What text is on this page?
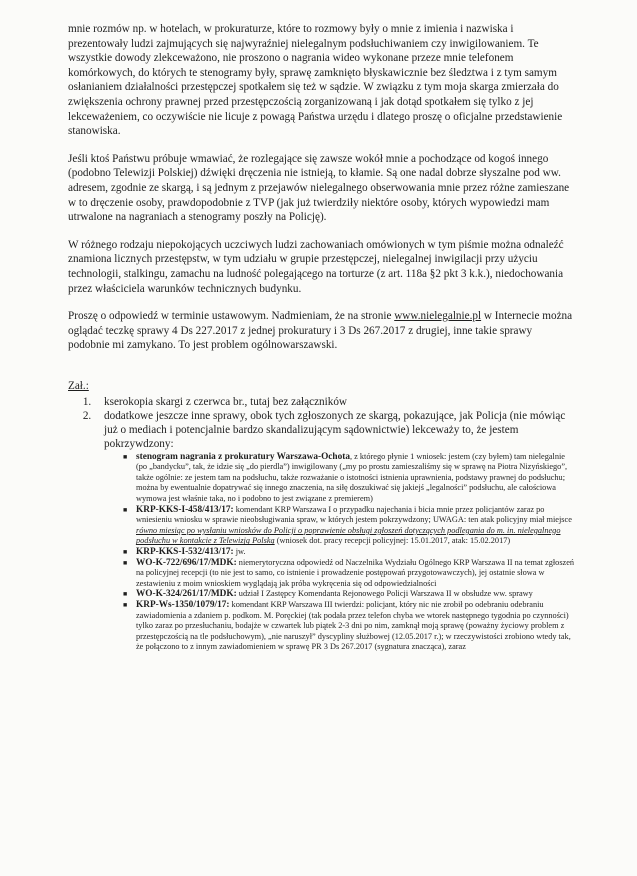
mnie rozmów np. w hotelach, w prokuraturze, które to rozmowy były o mnie z imienia i nazwiska i prezentowały ludzi zajmujących się najwyraźniej nielegalnym podsłuchiwaniem czy inwigilowaniem. Te wszystkie dowody zlekceważono, nie proszono o nagrania wideo wykonane przeze mnie telefonem komórkowych, do których te stenogramy były, sprawę zamknięto błyskawicznie bez śledztwa i z tym samym osłanianiem działalności przestępczej spotkałem się też w sądzie. W związku z tym moja skarga zmierzała do zwiększenia ochrony prawnej przed przestępczością zorganizowaną i jak dotąd spotkałem się tylko z jej lekceważeniem, co oczywiście nie licuje z powagą Państwa urzędu i dlatego proszę o oficjalne przedstawienie stanowiska.

Jeśli ktoś Państwu próbuje wmawiać, że rozlegające się zawsze wokół mnie a pochodzące od kogoś innego (podobno Telewizji Polskiej) dźwięki dręczenia nie istnieją, to kłamie. Są one nadal dobrze słyszalne pod ww. adresem, zgodnie ze skargą, i są jednym z przejawów nielegalnego obserwowania mnie przez różne zamieszane w to dręczenie osoby, prawdopodobnie z TVP (jak już twierdziły niektóre osoby, których wypowiedzi mam utrwalone na nagraniach a stenogramy poszły na Policję).

W różnego rodzaju niepokojących uczciwych ludzi zachowaniach omówionych w tym piśmie można odnaleźć znamiona licznych przestępstw, w tym udziału w grupie przestępczej, nielegalnej inwigilacji przy użyciu technologii, stalkingu, zamachu na ludność polegającego na torturze (z art. 118a §2 pkt 3 k.k.), niedochowania przez właściciela warunków technicznych budynku.

Proszę o odpowiedź w terminie ustawowym. Nadmieniam, że na stronie www.nielegalnie.pl w Internecie można oglądać teczkę sprawy 4 Ds 227.2017 z jednej prokuratury i 3 Ds 267.2017 z drugiej, inne takie sprawy podobnie mi zamykano. To jest problem ogólnowarszawski.

Zał.:
1. kserokopia skargi z czerwca br., tutaj bez załączników
2. dodatkowe jeszcze inne sprawy, obok tych zgłoszonych ze skargą, pokazujące, jak Policja (nie mówiąc już o mediach i potencjalnie bardzo skandalizującym sądownictwie) lekceważy to, że jestem pokrzywdzony:
■ stenogram nagrania z prokuratury Warszawa-Ochota, z którego płynie 1 wniosek: jestem (czy byłem) tam nielegalnie (po „bandycku”, tak, że idzie się „do pierdla”) inwigilowany („my po prostu zamieszaliśmy się w sprawę na Piotra Nizyńskiego”, także ogólnie: ze jestem tam na podsłuchu, także rozważanie o istotności istnienia uprawnienia, podstawy prawnej do podsłuchu; można by ewentualnie dopatrywać się innego znaczenia, na siłę doszukiwać się jakiejś „legalności” podsłuchu, ale całościowa wymowa jest właśnie taka, no i podobno to jest związane z premierem)
■ KRP-KKS-I-458/413/17: komendant KRP Warszawa I o przypadku najechania i bicia mnie przez policjantów zaraz po wniesieniu wniosku w sprawie nieobsługiwania spraw, w których jestem pokrzywdzony; UWAGA: ten atak policyjny miał miejsce równo miesiąc po wysłaniu wniosków do Policji o poprawienie obsługi zgłoszeń dotyczących podlegania do m. in. nielegalnego podsłuchu w kontakcie z Telewizją Polską (wniosek dot. pracy recepcji policyjnej: 15.01.2017, atak: 15.02.2017)
■ KRP-KKS-I-532/413/17: jw.
■ WO-K-722/696/17/MDK: niemerytoryczna odpowiedź od Naczelnika Wydziału Ogólnego KRP Warszawa II na temat zgłoszeń na policyjnej recepcji (to nie jest to samo, co istnienie i prowadzenie postępowań przygotowawczych), jej ostatnie słowa w zestawieniu z moim wnioskiem wyglądają jak próba wykręcenia się od odpowiedzialności
■ WO-K-324/261/17/MDK: udział I Zastępcy Komendanta Rejonowego Policji Warszawa II w obsłudze ww. sprawy
■ KRP-Ws-1350/1079/17: komendant KRP Warszawa III twierdzi: policjant, który nic nie zrobił po odebraniu odebraniu zawiadomienia a zdaniem p. podkom. M. Poręckiej (tak podała przez telefon chyba we wtorek następnego tygodnia po czynności) tylko zaraz po przesłuchaniu, bodajże w czwartek lub piątek 2-3 dni po nim, zamknął moją sprawę (poważny życiowy problem z przestępczością na tle podsłuchowym), „nie naruszył” dyscypliny służbowej (12.05.2017 r.); w rzeczywistości zrobiono wtedy tak, że połączono to z innym zawiadomieniem w sprawę PR 3 Ds 267.2017 (sygnatura znacząca), zaraz
